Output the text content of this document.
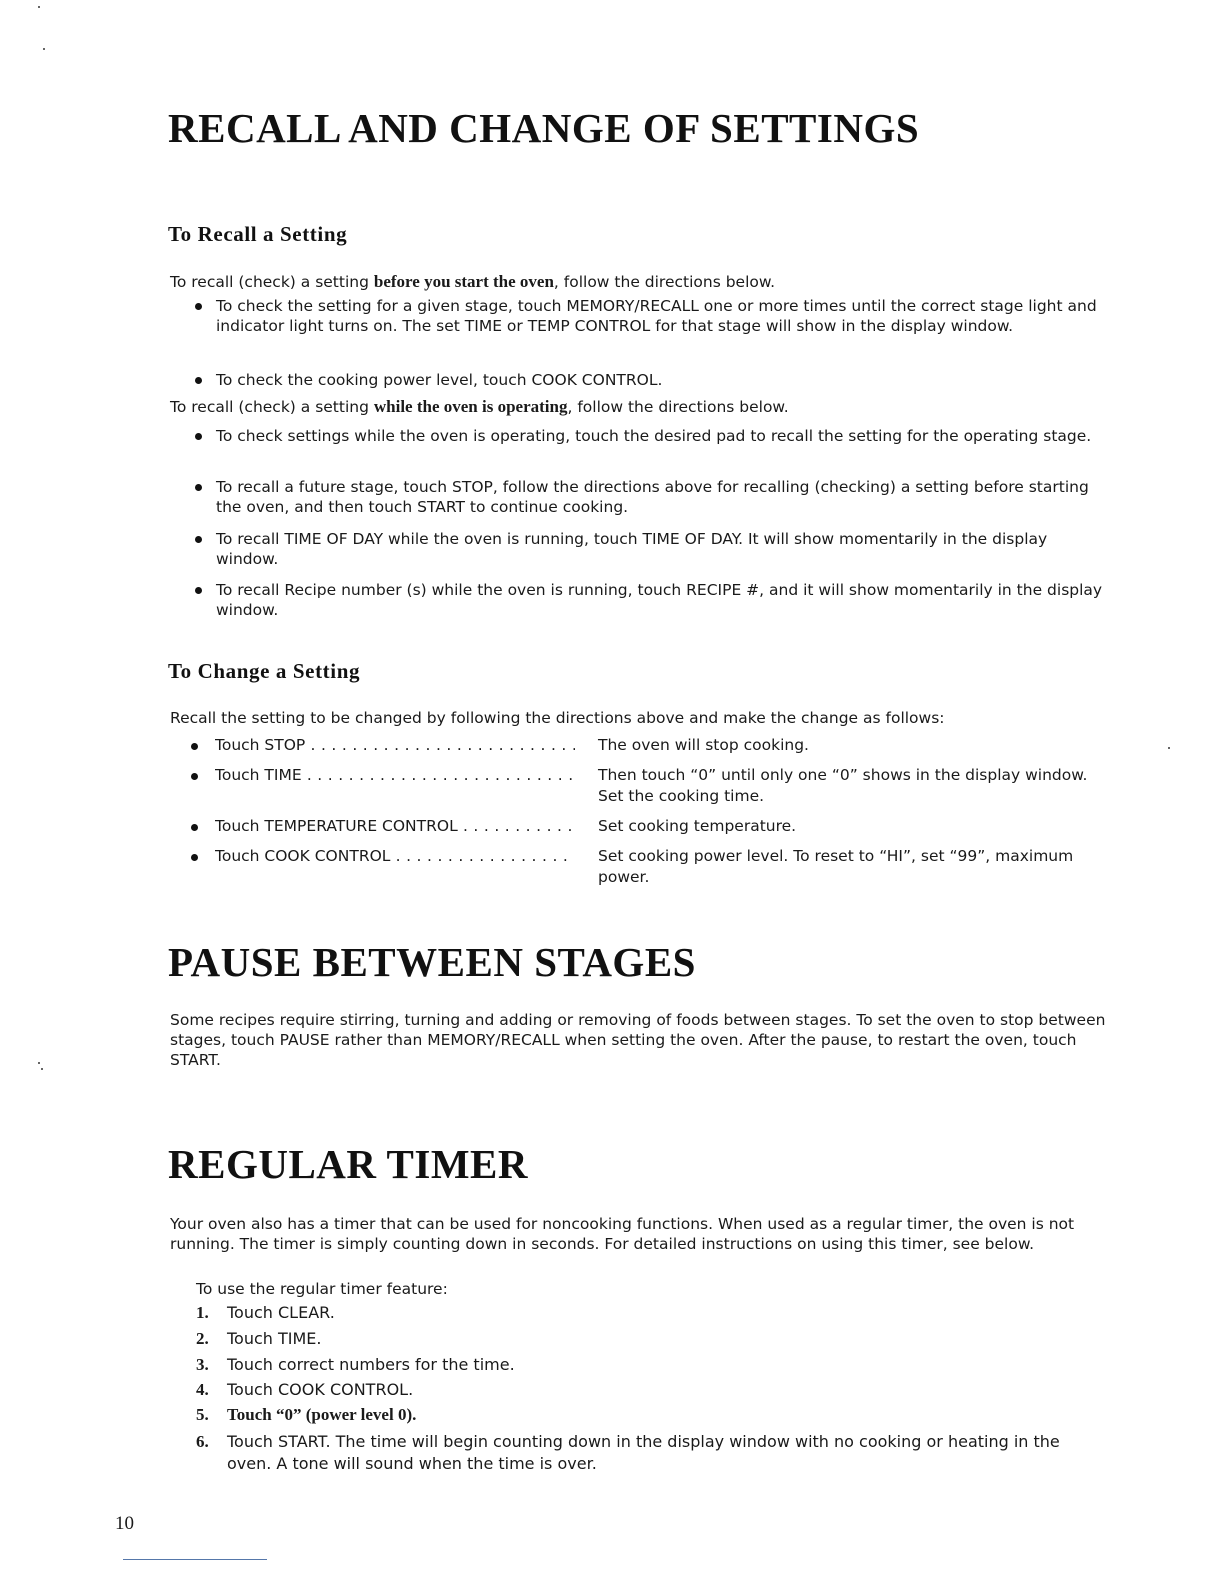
RECALL AND CHANGE OF SETTINGS
To Recall a Setting

To recall (check) a setting before you start the oven, follow the directions below.

To check the setting for a given stage, touch MEMORY/RECALL one or more times until the correct stage light and indicator light turns on. The set TIME or TEMP CONTROL for that stage will show in the display window.
To check the cooking power level, touch COOK CONTROL.

To recall (check) a setting while the oven is operating, follow the directions below.

To check settings while the oven is operating, touch the desired pad to recall the setting for the operating stage.
To recall a future stage, touch STOP, follow the directions above for recalling (checking) a setting before starting the oven, and then touch START to continue cooking.
To recall TIME OF DAY while the oven is running, touch TIME OF DAY. It will show momentarily in the display window.
To recall Recipe number (s) while the oven is running, touch RECIPE #, and it will show momentarily in the display window.
To Change a Setting

Recall the setting to be changed by following the directions above and make the change as follows:

Touch STOP . . .	The oven will stop cooking.
Touch TIME . . .	Then touch “0” until only one “0” shows in the display window. Set the cooking time.
Touch TEMPERATURE CONTROL . . .	Set cooking temperature.
Touch COOK CONTROL . . .	Set cooking power level. To reset to “HI”, set “99”, maximum power.
PAUSE BETWEEN STAGES

Some recipes require stirring, turning and adding or removing of foods between stages. To set the oven to stop between stages, touch PAUSE rather than MEMORY/RECALL when setting the oven. After the pause, to restart the oven, touch START.

REGULAR TIMER

Your oven also has a timer that can be used for noncooking functions. When used as a regular timer, the oven is not running. The timer is simply counting down in seconds. For detailed instructions on using this timer, see below.

To use the regular timer feature:

1. Touch CLEAR.
2. Touch TIME.
3. Touch correct numbers for the time.
4. Touch COOK CONTROL.
5. Touch “0” (power level 0).
6. Touch START. The time will begin counting down in the display window with no cooking or heating in the oven. A tone will sound when the time is over.
10
